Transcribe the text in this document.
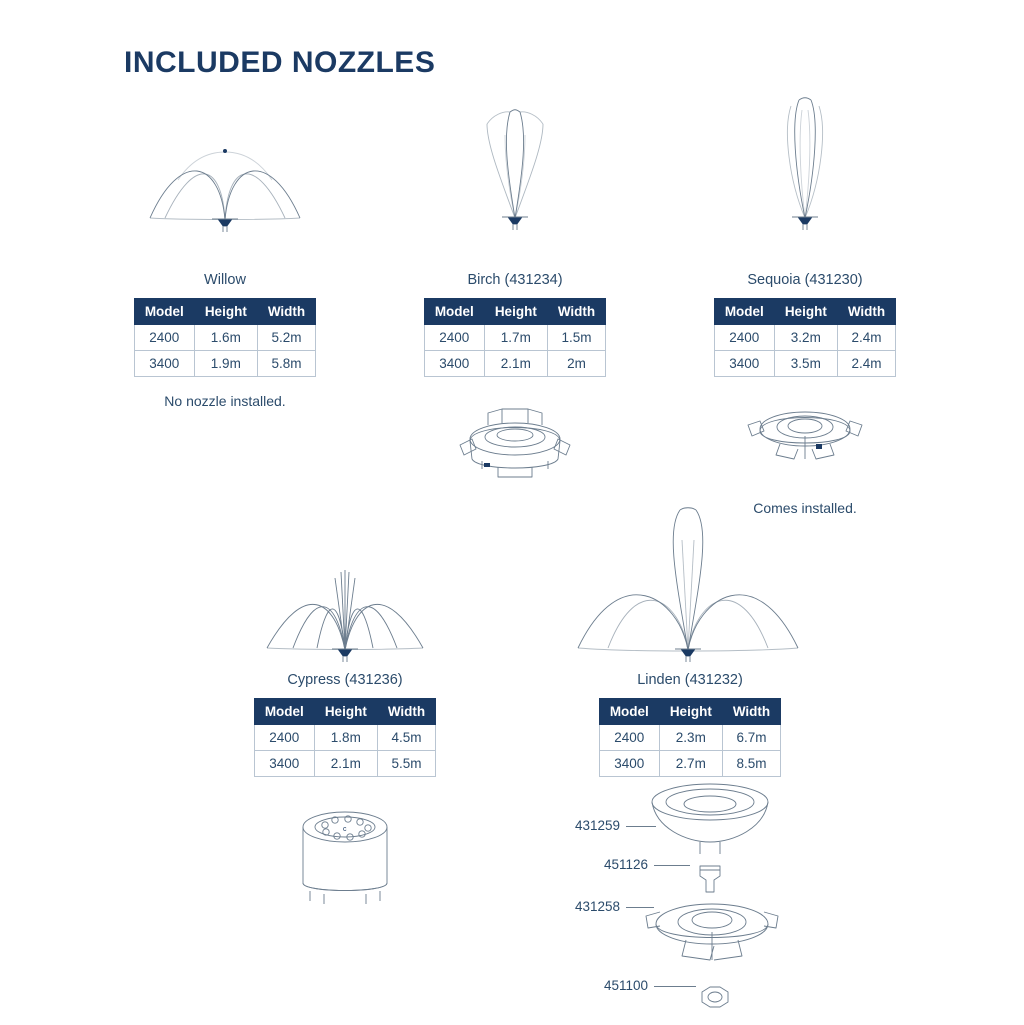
INCLUDED NOZZLES
Willow
Model	Height	Width
2400	1.6m	5.2m
3400	1.9m	5.8m
No nozzle installed.
Birch (431234)
Model	Height	Width
2400	1.7m	1.5m
3400	2.1m	2m
Sequoia (431230)
Model	Height	Width
2400	3.2m	2.4m
3400	3.5m	2.4m
Comes installed.
Cypress (431236)
Model	Height	Width
2400	1.8m	4.5m
3400	2.1m	5.5m
c
Linden (431232)
Model	Height	Width
2400	2.3m	6.7m
3400	2.7m	8.5m
431259
451126
431258
451100
